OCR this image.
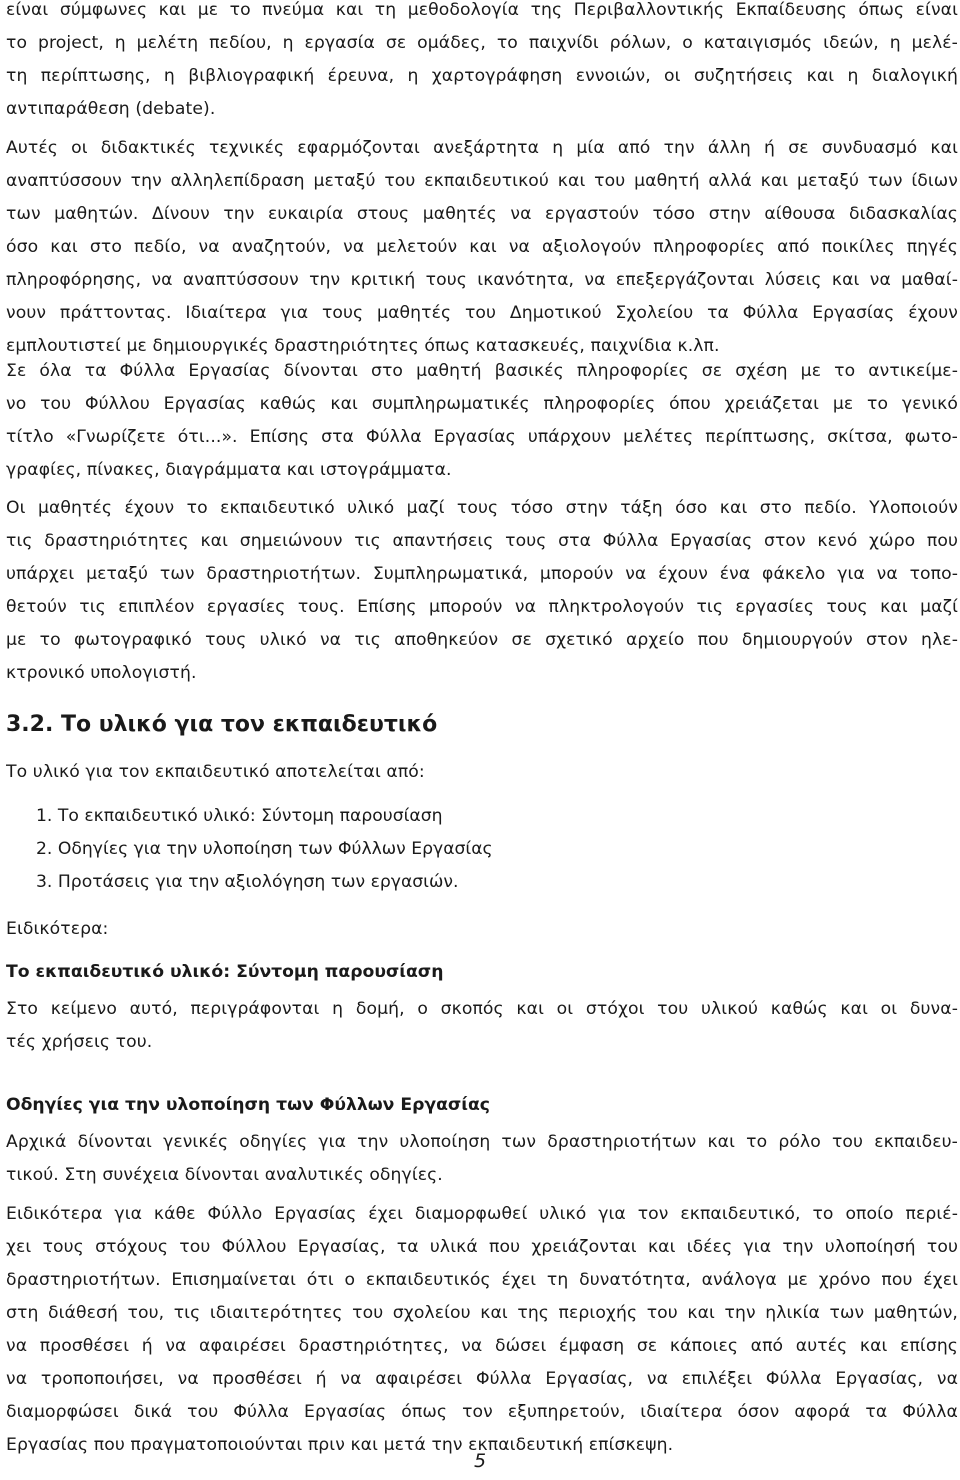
είναι σύμφωνες και με το πνεύμα και τη μεθοδολογία της Περιβαλλοντικής Εκπαίδευσης όπως είναι
το project, η μελέτη πεδίου, η εργασία σε ομάδες, το παιχνίδι ρόλων, ο καταιγισμός ιδεών, η μελέ-
τη περίπτωσης, η βιβλιογραφική έρευνα, η χαρτογράφηση εννοιών, οι συζητήσεις και η διαλογική
αντιπαράθεση (debate).
Αυτές οι διδακτικές τεχνικές εφαρμόζονται ανεξάρτητα η μία από την άλλη ή σε συνδυασμό και
αναπτύσσουν την αλληλεπίδραση μεταξύ του εκπαιδευτικού και του μαθητή αλλά και μεταξύ των ίδιων
των μαθητών. Δίνουν την ευκαιρία στους μαθητές να εργαστούν τόσο στην αίθουσα διδασκαλίας
όσο και στο πεδίο, να αναζητούν, να μελετούν και να αξιολογούν πληροφορίες από ποικίλες πηγές
πληροφόρησης, να αναπτύσσουν την κριτική τους ικανότητα, να επεξεργάζονται λύσεις και να μαθαί-
νουν πράττοντας. Ιδιαίτερα για τους μαθητές του Δημοτικού Σχολείου τα Φύλλα Εργασίας έχουν
εμπλουτιστεί με δημιουργικές δραστηριότητες όπως κατασκευές, παιχνίδια κ.λπ.
Σε όλα τα Φύλλα Εργασίας δίνονται στο μαθητή βασικές πληροφορίες σε σχέση με το αντικείμε-
νο του Φύλλου Εργασίας καθώς και συμπληρωματικές πληροφορίες όπου χρειάζεται με το γενικό
τίτλο «Γνωρίζετε ότι...». Επίσης στα Φύλλα Εργασίας υπάρχουν μελέτες περίπτωσης, σκίτσα, φωτο-
γραφίες, πίνακες, διαγράμματα και ιστογράμματα.
Οι μαθητές έχουν το εκπαιδευτικό υλικό μαζί τους τόσο στην τάξη όσο και στο πεδίο. Υλοποιούν
τις δραστηριότητες και σημειώνουν τις απαντήσεις τους στα Φύλλα Εργασίας στον κενό χώρο που
υπάρχει μεταξύ των δραστηριοτήτων. Συμπληρωματικά, μπορούν να έχουν ένα φάκελο για να τοπο-
θετούν τις επιπλέον εργασίες τους. Επίσης μπορούν να πληκτρολογούν τις εργασίες τους και μαζί
με το φωτογραφικό τους υλικό να τις αποθηκεύον σε σχετικό αρχείο που δημιουργούν στον ηλε-
κτρονικό υπολογιστή.
3.2. Το υλικό για τον εκπαιδευτικό
Το υλικό για τον εκπαιδευτικό αποτελείται από:
1. Το εκπαιδευτικό υλικό: Σύντομη παρουσίαση
2. Οδηγίες για την υλοποίηση των Φύλλων Εργασίας
3. Προτάσεις για την αξιολόγηση των εργασιών.
Ειδικότερα:
Το εκπαιδευτικό υλικό: Σύντομη παρουσίαση
Στο κείμενο αυτό, περιγράφονται η δομή, ο σκοπός και οι στόχοι του υλικού καθώς και οι δυνα-
τές χρήσεις του.
Οδηγίες για την υλοποίηση των Φύλλων Εργασίας
Αρχικά δίνονται γενικές οδηγίες για την υλοποίηση των δραστηριοτήτων και το ρόλο του εκπαιδευ-
τικού. Στη συνέχεια δίνονται αναλυτικές οδηγίες.
Ειδικότερα για κάθε Φύλλο Εργασίας έχει διαμορφωθεί υλικό για τον εκπαιδευτικό, το οποίο περιέ-
χει τους στόχους του Φύλλου Εργασίας, τα υλικά που χρειάζονται και ιδέες για την υλοποίησή του
δραστηριοτήτων. Επισημαίνεται ότι ο εκπαιδευτικός έχει τη δυνατότητα, ανάλογα με χρόνο που έχει
στη διάθεσή του, τις ιδιαιτερότητες του σχολείου και της περιοχής του και την ηλικία των μαθητών,
να προσθέσει ή να αφαιρέσει δραστηριότητες, να δώσει έμφαση σε κάποιες από αυτές και επίσης
να τροποποιήσει, να προσθέσει ή να αφαιρέσει Φύλλα Εργασίας, να επιλέξει Φύλλα Εργασίας, να
διαμορφώσει δικά του Φύλλα Εργασίας όπως τον εξυπηρετούν, ιδιαίτερα όσον αφορά τα Φύλλα
Εργασίας που πραγματοποιούνται πριν και μετά την εκπαιδευτική επίσκεψη.
5
